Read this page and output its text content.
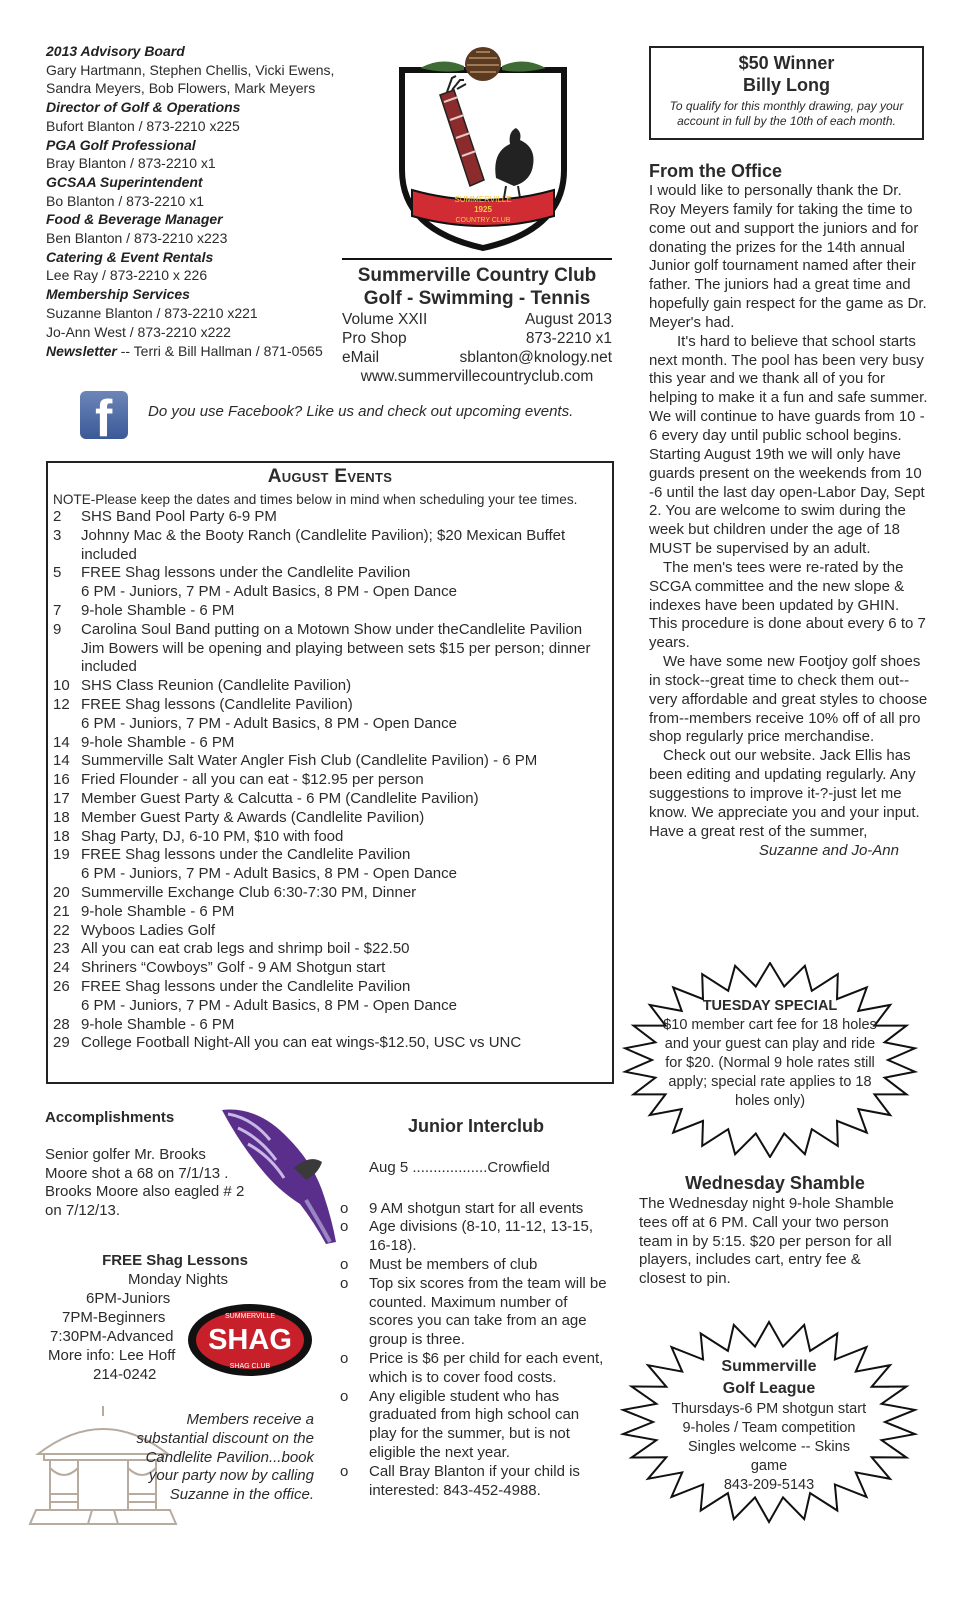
2013 Advisory Board
Gary Hartmann, Stephen Chellis, Vicki Ewens,
Sandra Meyers, Bob Flowers, Mark Meyers
Director of Golf & Operations
Bufort Blanton / 873-2210 x225
PGA Golf Professional
Bray Blanton / 873-2210 x1
GCSAA Superintendent
Bo Blanton / 873-2210 x1
Food & Beverage Manager
Ben Blanton / 873-2210 x223
Catering & Event Rentals
Lee Ray / 873-2210 x 226
Membership Services
Suzanne Blanton / 873-2210 x221
Jo-Ann West / 873-2210 x222
Newsletter -- Terri & Bill Hallman / 871-0565
SUMMERVILLE
1925
COUNTRY CLUB
Summerville Country Club
Golf - Swimming - Tennis
Volume XXII	August 2013
Pro Shop	873-2210 x1
eMail	sblanton@knology.net
www.summervillecountryclub.com
f Do you use Facebook? Like us and check out upcoming events.
August Events
NOTE-Please keep the dates and times below in mind when scheduling your tee times.
2	SHS Band Pool Party 6-9 PM
3	Johnny Mac & the Booty Ranch (Candlelite Pavilion); $20 Mexican Buffet included
5	FREE Shag lessons under the Candlelite Pavilion
6 PM - Juniors, 7 PM - Adult Basics, 8 PM - Open Dance
7	9-hole Shamble - 6 PM
9	Carolina Soul Band putting on a Motown Show under theCandlelite Pavilion
Jim Bowers will be opening and playing between sets $15 per person; dinner included
10 SHS Class Reunion (Candlelite Pavilion)
12 FREE Shag lessons (Candlelite Pavilion)
6 PM - Juniors, 7 PM - Adult Basics, 8 PM - Open Dance
14 9-hole Shamble - 6 PM
14 Summerville Salt Water Angler Fish Club (Candlelite Pavilion) - 6 PM
16 Fried Flounder - all you can eat - $12.95 per person
17 Member Guest Party & Calcutta - 6 PM (Candlelite Pavilion)
18 Member Guest Party & Awards (Candlelite Pavilion)
18 Shag Party, DJ, 6-10 PM, $10 with food
19 FREE Shag lessons under the Candlelite Pavilion
6 PM - Juniors, 7 PM - Adult Basics, 8 PM - Open Dance
20 Summerville Exchange Club 6:30-7:30 PM, Dinner
21 9-hole Shamble - 6 PM
22 Wyboos Ladies Golf
23 All you can eat crab legs and shrimp boil - $22.50
24 Shriners “Cowboys” Golf - 9 AM Shotgun start
26 FREE Shag lessons under the Candlelite Pavilion
6 PM - Juniors, 7 PM - Adult Basics, 8 PM - Open Dance
28 9-hole Shamble - 6 PM
29 College Football Night-All you can eat wings-$12.50, USC vs UNC
$50 Winner
Billy Long
To qualify for this monthly drawing, pay your account in full by the 10th of each month.
From the Office

I would like to personally thank the Dr. Roy Meyers family for taking the time to come out and support the juniors and for donating the prizes for the 14th annual Junior golf tournament named after their father. The juniors had a great time and hopefully gain respect for the game as Dr. Meyer's had.

It's hard to believe that school starts next month. The pool has been very busy this year and we thank all of you for helping to make it a fun and safe summer. We will continue to have guards from 10 - 6 every day until public school begins. Starting August 19th we will only have guards present on the weekends from 10 -6 until the last day open-Labor Day, Sept 2. You are welcome to swim during the week but children under the age of 18 MUST be supervised by an adult.

The men's tees were re-rated by the SCGA committee and the new slope & indexes have been updated by GHIN. This procedure is done about every 6 to 7 years.

We have some new Footjoy golf shoes in stock--great time to check them out--very affordable and great styles to choose from--members receive 10% off of all pro shop regularly price merchandise.

Check out our website. Jack Ellis has been editing and updating regularly. Any suggestions to improve it-?-just let me know. We appreciate you and your input.

Have a great rest of the summer,

Suzanne and Jo-Ann

TUESDAY SPECIAL
$10 member cart fee for 18 holes and your guest can play and ride for $20. (Normal 9 hole rates still apply; special rate applies to 18 holes only)
Wednesday Shamble
The Wednesday night 9-hole Shamble tees off at 6 PM. Call your two person team in by 5:15. $20 per person for all players, includes cart, entry fee & closest to pin.
Summerville
Golf League
Thursdays-6 PM shotgun start
9-holes / Team competition
Singles welcome -- Skins game
843-209-5143
Accomplishments
Senior golfer Mr. Brooks Moore shot a 68 on 7/1/13 . Brooks Moore also eagled # 2 on 7/12/13.
FREE Shag Lessons
Monday Nights
6PM-Juniors
7PM-Beginners
7:30PM-Advanced
More info: Lee Hoff
214-0242
SUMMERVILLE
SHAG
SHAG CLUB
Members receive a substantial discount on the Candlelite Pavilion...book your party now by calling Suzanne in the office.
Junior Interclub
Aug 5 ..................Crowfield
o 9 AM shotgun start for all events
o Age divisions (8-10, 11-12, 13-15, 16-18).
o Must be members of club
o Top six scores from the team will be counted. Maximum number of scores you can take from an age group is three.
o Price is $6 per child for each event, which is to cover food costs.
o Any eligible student who has graduated from high school can play for the summer, but is not eligible the next year.
o Call Bray Blanton if your child is interested: 843-452-4988.
